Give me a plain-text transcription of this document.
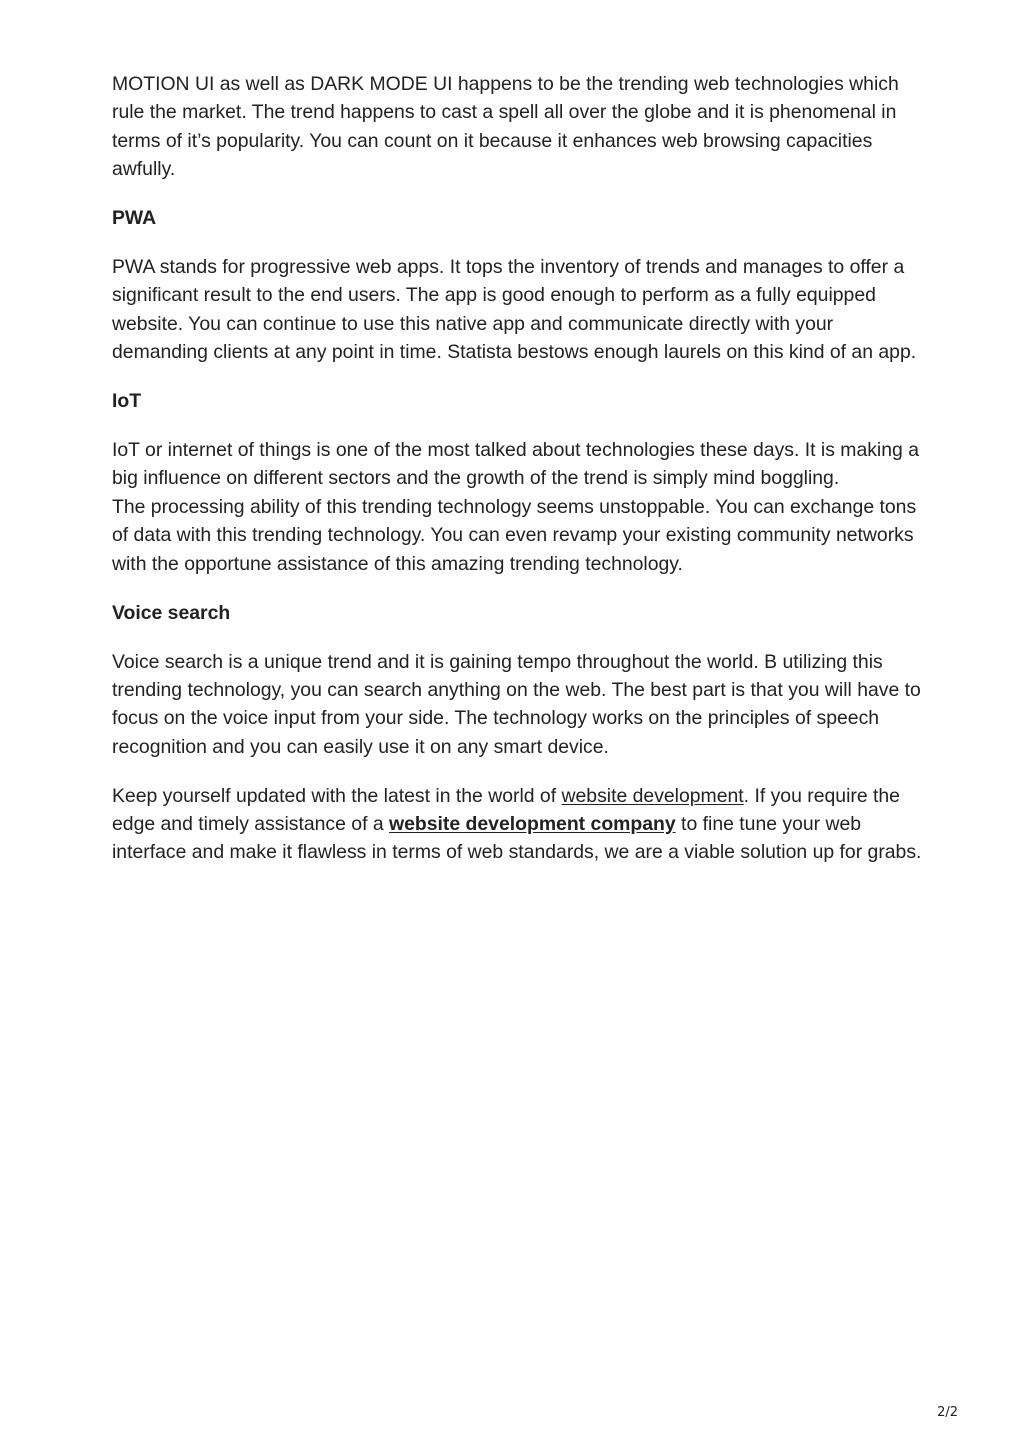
MOTION UI as well as DARK MODE UI happens to be the trending web technologies which rule the market. The trend happens to cast a spell all over the globe and it is phenomenal in terms of it’s popularity. You can count on it because it enhances web browsing capacities awfully.

PWA

PWA stands for progressive web apps. It tops the inventory of trends and manages to offer a significant result to the end users. The app is good enough to perform as a fully equipped website. You can continue to use this native app and communicate directly with your demanding clients at any point in time. Statista bestows enough laurels on this kind of an app.

IoT

IoT or internet of things is one of the most talked about technologies these days. It is making a big influence on different sectors and the growth of the trend is simply mind boggling.

The processing ability of this trending technology seems unstoppable. You can exchange tons of data with this trending technology. You can even revamp your existing community networks with the opportune assistance of this amazing trending technology.

Voice search

Voice search is a unique trend and it is gaining tempo throughout the world. B utilizing this trending technology, you can search anything on the web. The best part is that you will have to focus on the voice input from your side. The technology works on the principles of speech recognition and you can easily use it on any smart device.

Keep yourself updated with the latest in the world of website development. If you require the edge and timely assistance of a website development company to fine tune your web interface and make it flawless in terms of web standards, we are a viable solution up for grabs.

2/2
